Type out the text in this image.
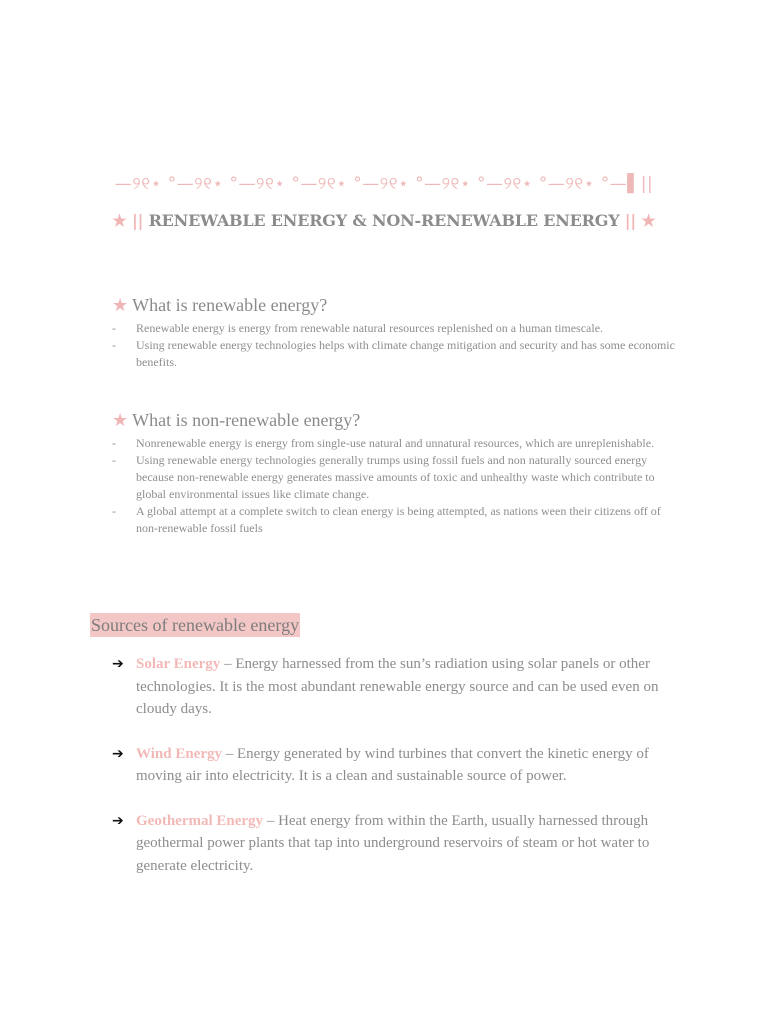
—୨୧⋆ °—୨୧⋆ °—୨୧⋆ °—୨୧⋆ °—୨୧⋆ °—୨୧⋆ °—୨୧⋆ °—୨୧⋆ °—▌||
★ || RENEWABLE ENERGY & NON-RENEWABLE ENERGY || ★
★ What is renewable energy?
- Renewable energy is energy from renewable natural resources replenished on a human timescale.
- Using renewable energy technologies helps with climate change mitigation and security and has some economic benefits.
★ What is non-renewable energy?
- Nonrenewable energy is energy from single-use natural and unnatural resources, which are unreplenishable.
- Using renewable energy technologies generally trumps using fossil fuels and non naturally sourced energy because non-renewable energy generates massive amounts of toxic and unhealthy waste which contribute to global environmental issues like climate change.
- A global attempt at a complete switch to clean energy is being attempted, as nations ween their citizens off of non-renewable fossil fuels
Sources of renewable energy
➔ Solar Energy – Energy harnessed from the sun’s radiation using solar panels or other technologies. It is the most abundant renewable energy source and can be used even on cloudy days.
➔ Wind Energy – Energy generated by wind turbines that convert the kinetic energy of moving air into electricity. It is a clean and sustainable source of power.
➔ Geothermal Energy – Heat energy from within the Earth, usually harnessed through geothermal power plants that tap into underground reservoirs of steam or hot water to generate electricity.
